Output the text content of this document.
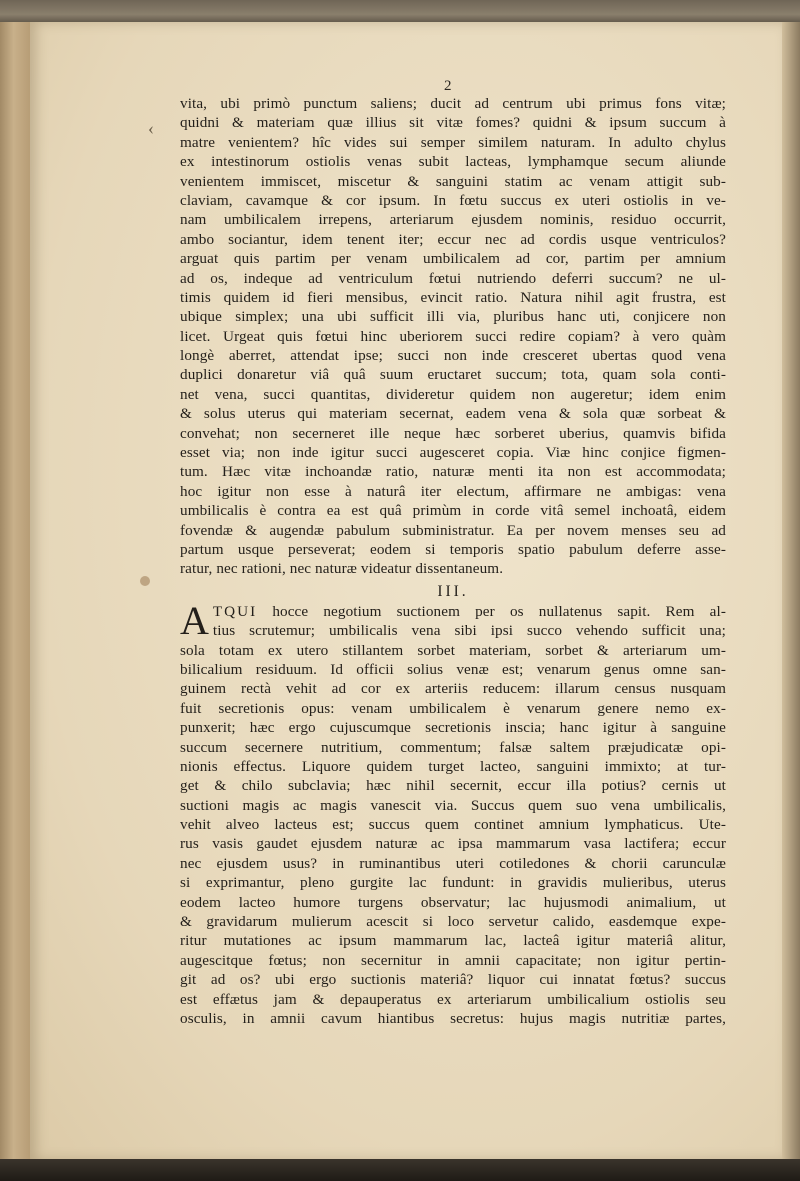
‹

2

vita, ubi primò punctum saliens; ducit ad centrum ubi primus fons vitæ;
quidni & materiam quæ illius sit vitæ fomes? quidni & ipsum succum à
matre venientem? hîc vides sui semper similem naturam. In adulto chylus
ex intestinorum ostiolis venas subit lacteas, lymphamque secum aliunde
venientem immiscet, miscetur & sanguini statim ac venam attigit sub-
claviam, cavamque & cor ipsum. In fœtu succus ex uteri ostiolis in ve-
nam umbilicalem irrepens, arteriarum ejusdem nominis, residuo occurrit,
ambo sociantur, idem tenent iter; eccur nec ad cordis usque ventriculos?
arguat quis partim per venam umbilicalem ad cor, partim per amnium
ad os, indeque ad ventriculum fœtui nutriendo deferri succum? ne ul-
timis quidem id fieri mensibus, evincit ratio. Natura nihil agit frustra, est
ubique simplex; una ubi sufficit illi via, pluribus hanc uti, conjicere non
licet. Urgeat quis fœtui hinc uberiorem succi redire copiam? à vero quàm
longè aberret, attendat ipse; succi non inde cresceret ubertas quod vena
duplici donaretur viâ quâ suum eructaret succum; tota, quam sola conti-
net vena, succi quantitas, divideretur quidem non augeretur; idem enim
& solus uterus qui materiam secernat, eadem vena & sola quæ sorbeat &
convehat; non secerneret ille neque hæc sorberet uberius, quamvis bifida
esset via; non inde igitur succi augesceret copia. Viæ hinc conjice figmen-
tum. Hæc vitæ inchoandæ ratio, naturæ menti ita non est accommodata;
hoc igitur non esse à naturâ iter electum, affirmare ne ambigas: vena
umbilicalis è contra ea est quâ primùm in corde vitâ semel inchoatâ, eidem
fovendæ & augendæ pabulum subministratur. Ea per novem menses seu ad
partum usque perseverat; eodem si temporis spatio pabulum deferre asse-
ratur, nec rationi, nec naturæ videatur dissentaneum.
III.
A TQUI hocce negotium suctionem per os nullatenus sapit. Rem al-
tius scrutemur; umbilicalis vena sibi ipsi succo vehendo sufficit una;
sola totam ex utero stillantem sorbet materiam, sorbet & arteriarum um-
bilicalium residuum. Id officii solius venæ est; venarum genus omne san-
guinem rectà vehit ad cor ex arteriis reducem: illarum census nusquam
fuit secretionis opus: venam umbilicalem è venarum genere nemo ex-
punxerit; hæc ergo cujuscumque secretionis inscia; hanc igitur à sanguine
succum secernere nutritium, commentum; falsæ saltem præjudicatæ opi-
nionis effectus. Liquore quidem turget lacteo, sanguini immixto; at tur-
get & chilo subclavia; hæc nihil secernit, eccur illa potius? cernis ut
suctioni magis ac magis vanescit via. Succus quem suo vena umbilicalis,
vehit alveo lacteus est; succus quem continet amnium lymphaticus. Ute-
rus vasis gaudet ejusdem naturæ ac ipsa mammarum vasa lactifera; eccur
nec ejusdem usus? in ruminantibus uteri cotiledones & chorii carunculæ
si exprimantur, pleno gurgite lac fundunt: in gravidis mulieribus, uterus
eodem lacteo humore turgens observatur; lac hujusmodi animalium, ut
& gravidarum mulierum acescit si loco servetur calido, easdemque expe-
ritur mutationes ac ipsum mammarum lac, lacteâ igitur materiâ alitur,
augescitque fœtus; non secernitur in amnii capacitate; non igitur pertin-
git ad os? ubi ergo suctionis materiâ? liquor cui innatat fœtus? succus
est effætus jam & depauperatus ex arteriarum umbilicalium ostiolis seu
osculis, in amnii cavum hiantibus secretus: hujus magis nutritiæ partes,
